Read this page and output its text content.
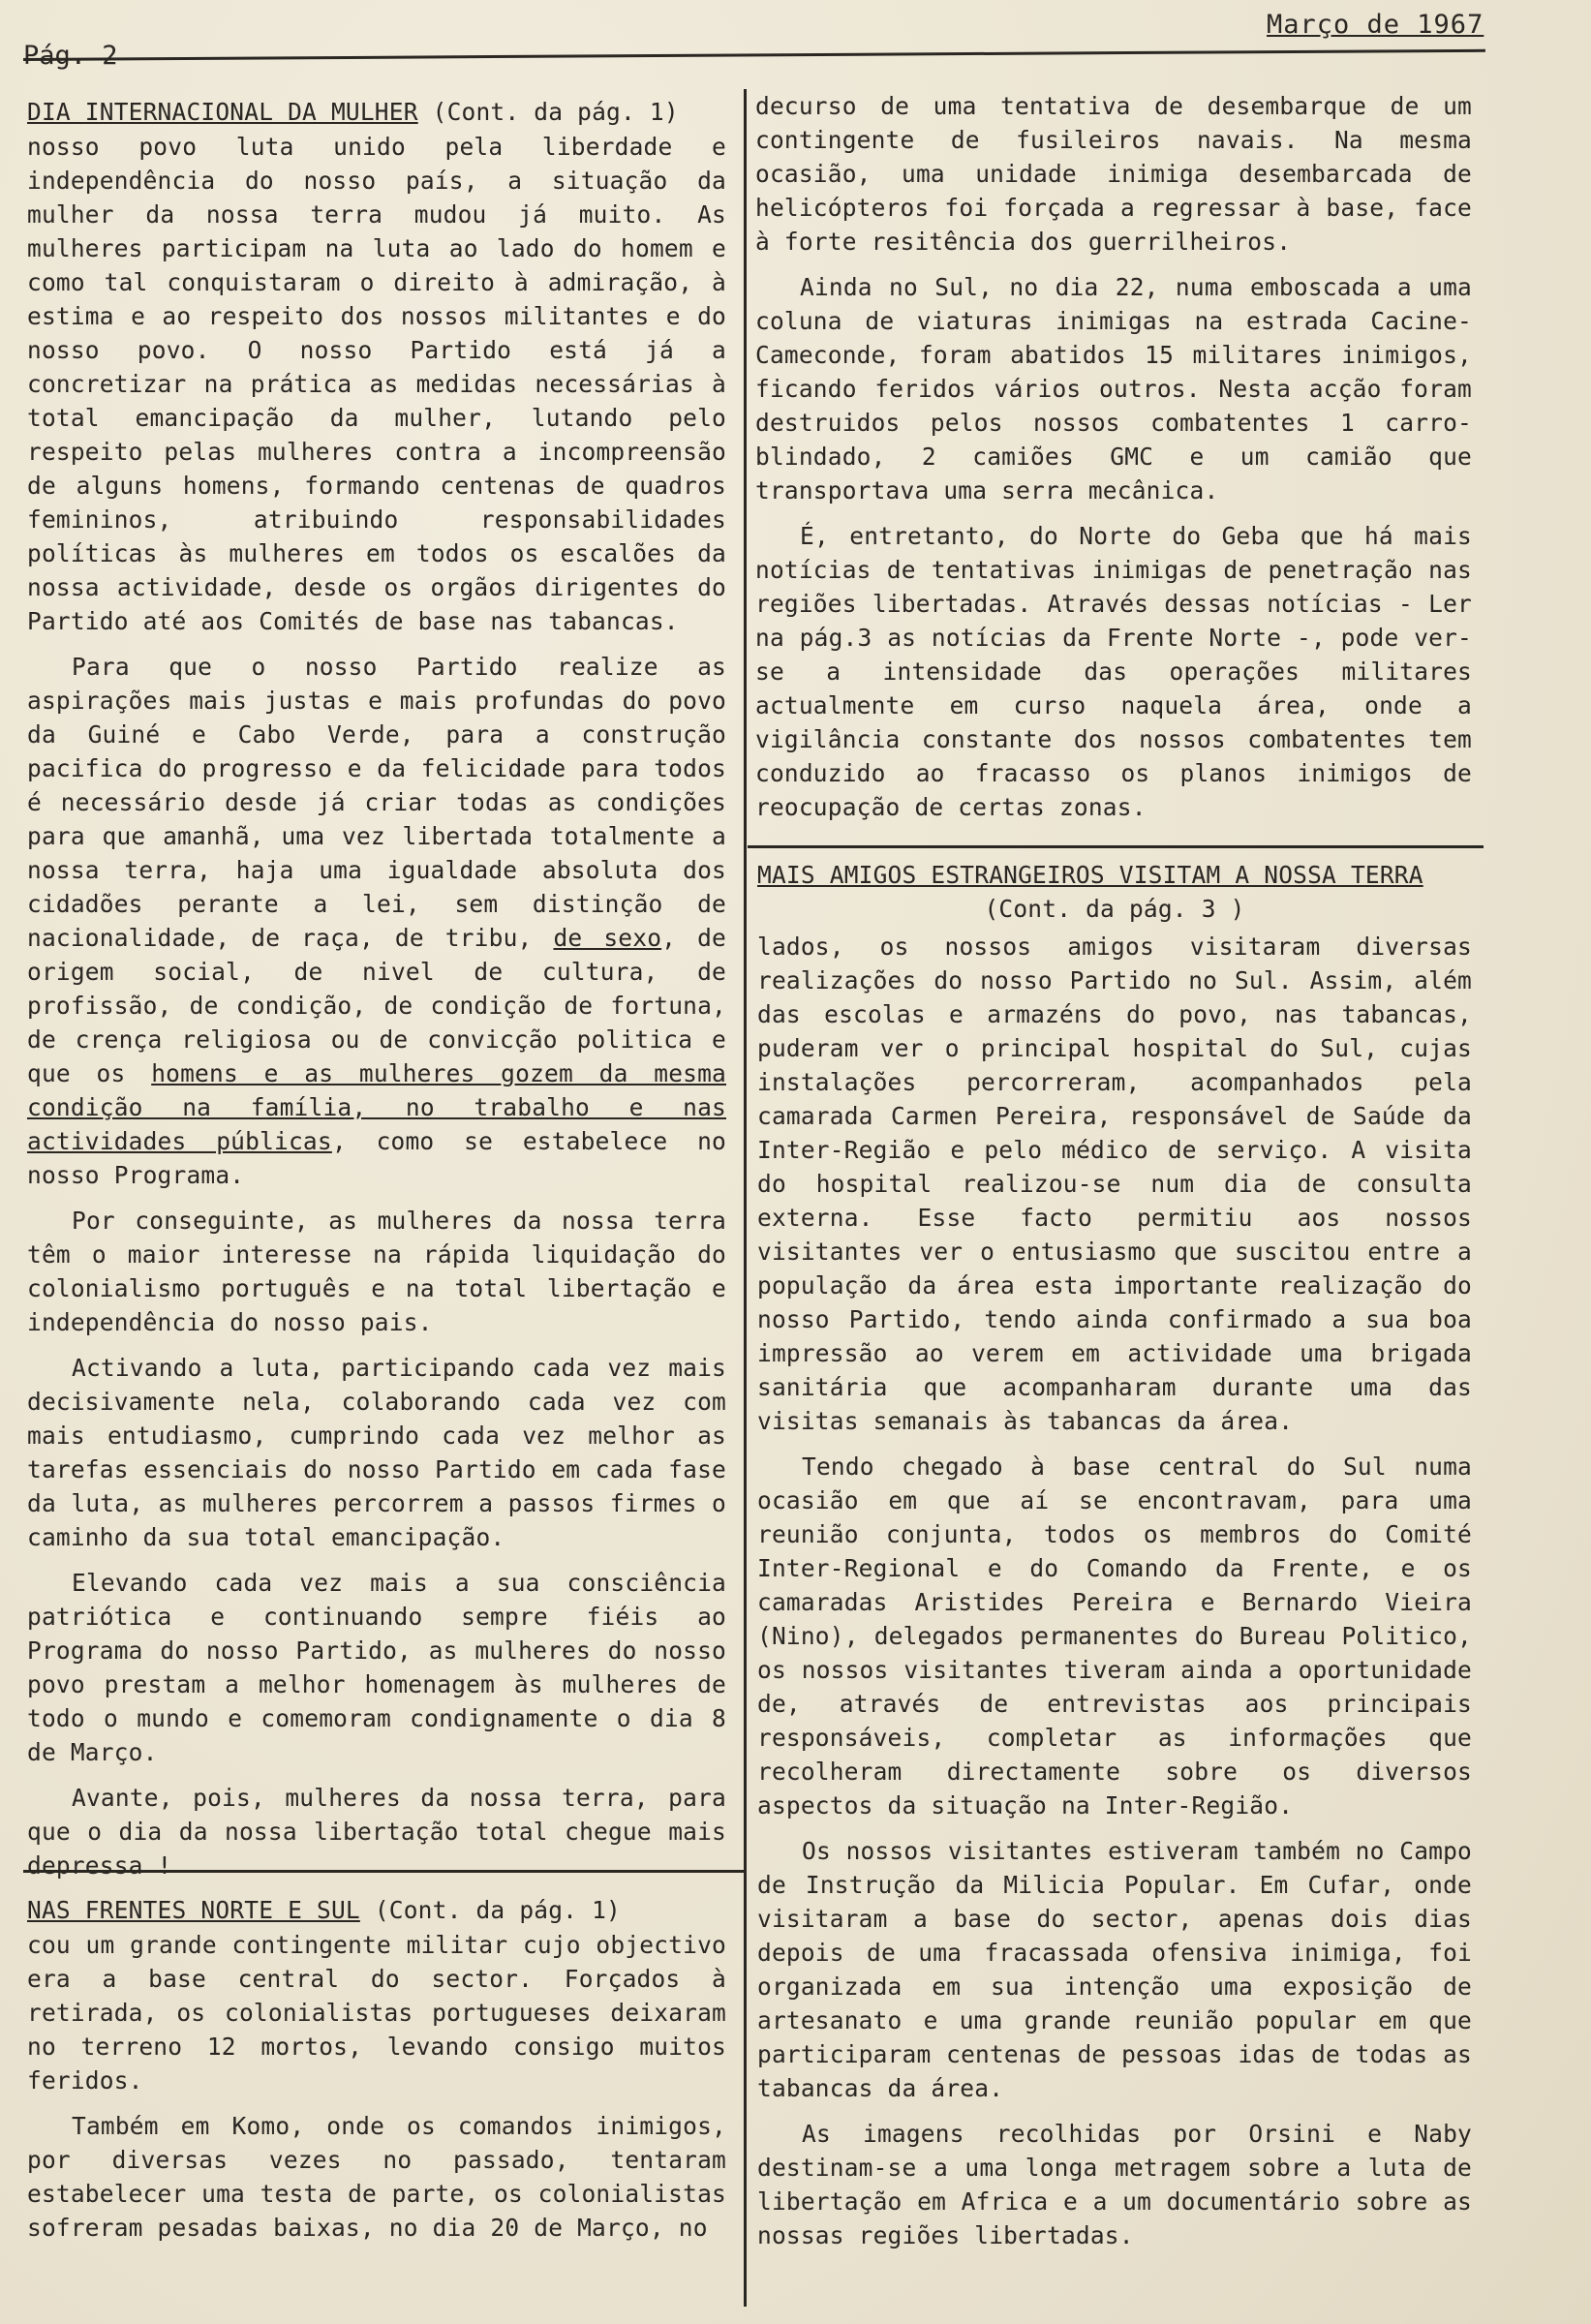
Março de 1967
Pág. 2
DIA INTERNACIONAL DA MULHER (Cont. da pág. 1)

nosso povo luta unido pela liberdade e independência do nosso país, a situação da mulher da nossa terra mudou já muito. As mulheres participam na luta ao lado do homem e como tal conquistaram o direito à admiração, à estima e ao respeito dos nossos militantes e do nosso povo. O nosso Partido está já a concretizar na prática as medidas necessárias à total emancipação da mulher, lutando pelo respeito pelas mulheres contra a incompreensão de alguns homens, formando centenas de quadros femininos, atribuindo responsabilidades políticas às mulheres em todos os escalões da nossa actividade, desde os orgãos dirigentes do Partido até aos Comités de base nas tabancas.

Para que o nosso Partido realize as aspirações mais justas e mais profundas do povo da Guiné e Cabo Verde, para a construção pacifica do progresso e da felicidade para todos é necessário desde já criar todas as condições para que amanhã, uma vez libertada totalmente a nossa terra, haja uma igualdade absoluta dos cidadões perante a lei, sem distinção de nacionalidade, de raça, de tribu, de sexo, de origem social, de nivel de cultura, de profissão, de condição, de condição de fortuna, de crença religiosa ou de convicção politica e que os homens e as mulheres gozem da mesma condição na família, no trabalho e nas actividades públicas, como se estabelece no nosso Programa.

Por conseguinte, as mulheres da nossa terra têm o maior interesse na rápida liquidação do colonialismo português e na total libertação e independência do nosso pais.

Activando a luta, participando cada vez mais decisivamente nela, colaborando cada vez com mais entudiasmo, cumprindo cada vez melhor as tarefas essenciais do nosso Partido em cada fase da luta, as mulheres percorrem a passos firmes o caminho da sua total emancipação.

Elevando cada vez mais a sua consciência patriótica e continuando sempre fiéis ao Programa do nosso Partido, as mulheres do nosso povo prestam a melhor homenagem às mulheres de todo o mundo e comemoram condignamente o dia 8 de Março.

Avante, pois, mulheres da nossa terra, para que o dia da nossa libertação total chegue mais depressa !

NAS FRENTES NORTE E SUL (Cont. da pág. 1)

cou um grande contingente militar cujo objectivo era a base central do sector. Forçados à retirada, os colonialistas portugueses deixaram no terreno 12 mortos, levando consigo muitos feridos.

Também em Komo, onde os comandos inimigos, por diversas vezes no passado, tentaram estabelecer uma testa de parte, os colonialistas sofreram pesadas baixas, no dia 20 de Março, no

decurso de uma tentativa de desembarque de um contingente de fusileiros navais. Na mesma ocasião, uma unidade inimiga desembarcada de helicópteros foi forçada a regressar à base, face à forte resitência dos guerrilheiros.

Ainda no Sul, no dia 22, numa emboscada a uma coluna de viaturas inimigas na estrada Cacine-Cameconde, foram abatidos 15 militares inimigos, ficando feridos vários outros. Nesta acção foram destruidos pelos nossos combatentes 1 carro-blindado, 2 camiões GMC e um camião que transportava uma serra mecânica.

É, entretanto, do Norte do Geba que há mais notícias de tentativas inimigas de penetração nas regiões libertadas. Através dessas notícias - Ler na pág.3 as notícias da Frente Norte -, pode ver-se a intensidade das operações militares actualmente em curso naquela área, onde a vigilância constante dos nossos combatentes tem conduzido ao fracasso os planos inimigos de reocupação de certas zonas.

MAIS AMIGOS ESTRANGEIROS VISITAM A NOSSA TERRA
(Cont. da pág. 3 )

lados, os nossos amigos visitaram diversas realizações do nosso Partido no Sul. Assim, além das escolas e armazéns do povo, nas tabancas, puderam ver o principal hospital do Sul, cujas instalações percorreram, acompanhados pela camarada Carmen Pereira, responsável de Saúde da Inter-Região e pelo médico de serviço. A visita do hospital realizou-se num dia de consulta externa. Esse facto permitiu aos nossos visitantes ver o entusiasmo que suscitou entre a população da área esta importante realização do nosso Partido, tendo ainda confirmado a sua boa impressão ao verem em actividade uma brigada sanitária que acompanharam durante uma das visitas semanais às tabancas da área.

Tendo chegado à base central do Sul numa ocasião em que aí se encontravam, para uma reunião conjunta, todos os membros do Comité Inter-Regional e do Comando da Frente, e os camaradas Aristides Pereira e Bernardo Vieira (Nino), delegados permanentes do Bureau Politico, os nossos visitantes tiveram ainda a oportunidade de, através de entrevistas aos principais responsáveis, completar as informações que recolheram directamente sobre os diversos aspectos da situação na Inter-Região.

Os nossos visitantes estiveram também no Campo de Instrução da Milicia Popular. Em Cufar, onde visitaram a base do sector, apenas dois dias depois de uma fracassada ofensiva inimiga, foi organizada em sua intenção uma exposição de artesanato e uma grande reunião popular em que participaram centenas de pessoas idas de todas as tabancas da área.

As imagens recolhidas por Orsini e Naby destinam-se a uma longa metragem sobre a luta de libertação em Africa e a um documentário sobre as nossas regiões libertadas.
